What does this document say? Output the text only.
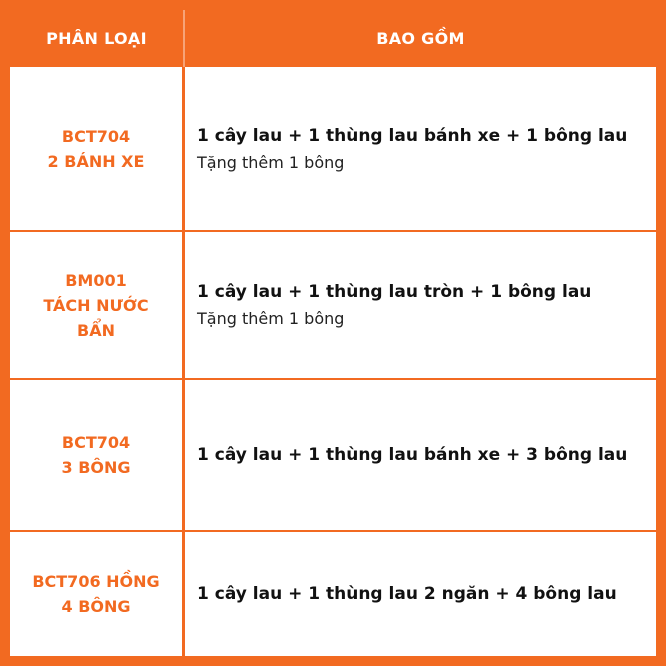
PHÂN LOẠI	BAO GỒM
BCT704
2 BÁNH XE
1 cây lau + 1 thùng lau bánh xe + 1 bông lau
Tặng thêm 1 bông
BM001
TÁCH NƯỚC
BẨN
1 cây lau + 1 thùng lau tròn + 1 bông lau
Tặng thêm 1 bông
BCT704
3 BÔNG
1 cây lau + 1 thùng lau bánh xe + 3 bông lau
BCT706 HỒNG
4 BÔNG
1 cây lau + 1 thùng lau 2 ngăn + 4 bông lau
